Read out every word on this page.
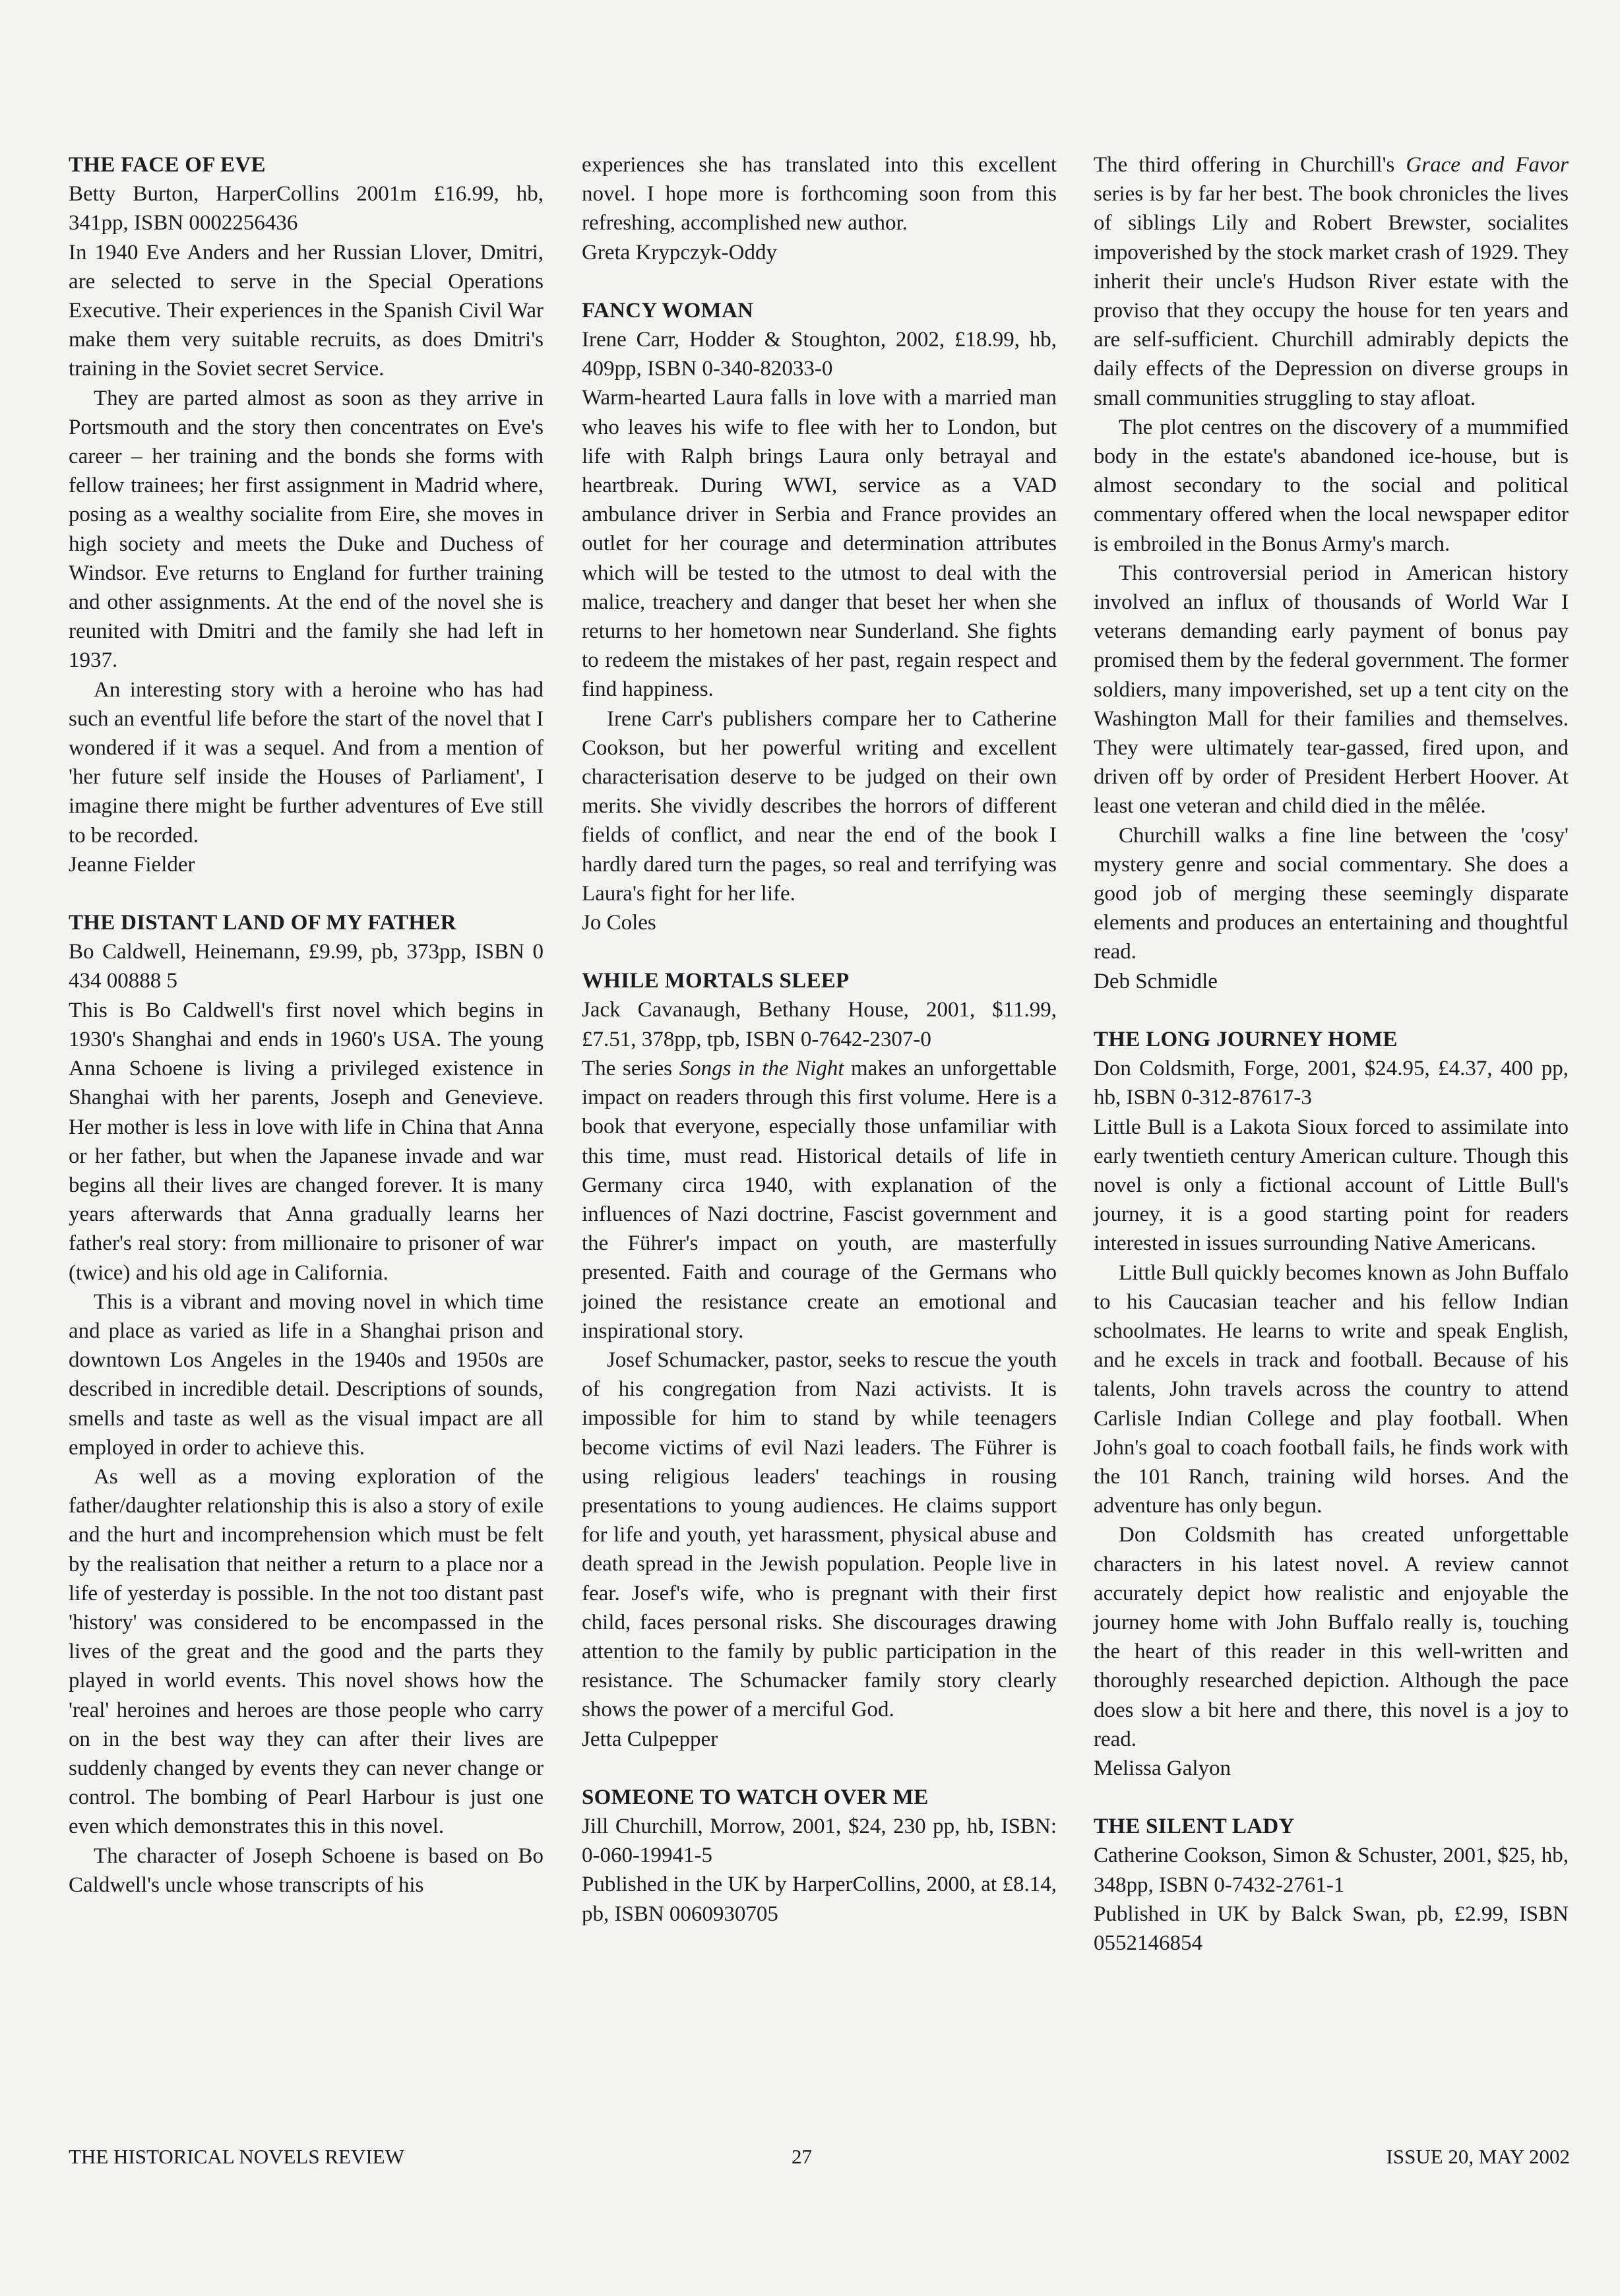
THE FACE OF EVE
Betty Burton, HarperCollins 2001m £16.99, hb, 341pp, ISBN 0002256436

In 1940 Eve Anders and her Russian Llover, Dmitri, are selected to serve in the Special Operations Executive. Their experiences in the Spanish Civil War make them very suitable recruits, as does Dmitri's training in the Soviet secret Service.

They are parted almost as soon as they arrive in Portsmouth and the story then concentrates on Eve's career – her training and the bonds she forms with fellow trainees; her first assignment in Madrid where, posing as a wealthy socialite from Eire, she moves in high society and meets the Duke and Duchess of Windsor. Eve returns to England for further training and other assignments. At the end of the novel she is reunited with Dmitri and the family she had left in 1937.

An interesting story with a heroine who has had such an eventful life before the start of the novel that I wondered if it was a sequel. And from a mention of 'her future self inside the Houses of Parliament', I imagine there might be further adventures of Eve still to be recorded.

Jeanne Fielder
THE DISTANT LAND OF MY FATHER
Bo Caldwell, Heinemann, £9.99, pb, 373pp, ISBN 0 434 00888 5

This is Bo Caldwell's first novel which begins in 1930's Shanghai and ends in 1960's USA. The young Anna Schoene is living a privileged existence in Shanghai with her parents, Joseph and Genevieve. Her mother is less in love with life in China that Anna or her father, but when the Japanese invade and war begins all their lives are changed forever. It is many years afterwards that Anna gradually learns her father's real story: from millionaire to prisoner of war (twice) and his old age in California.

This is a vibrant and moving novel in which time and place as varied as life in a Shanghai prison and downtown Los Angeles in the 1940s and 1950s are described in incredible detail. Descriptions of sounds, smells and taste as well as the visual impact are all employed in order to achieve this.

As well as a moving exploration of the father/daughter relationship this is also a story of exile and the hurt and incomprehension which must be felt by the realisation that neither a return to a place nor a life of yesterday is possible. In the not too distant past 'history' was considered to be encompassed in the lives of the great and the good and the parts they played in world events. This novel shows how the 'real' heroines and heroes are those people who carry on in the best way they can after their lives are suddenly changed by events they can never change or control. The bombing of Pearl Harbour is just one even which demonstrates this in this novel.

The character of Joseph Schoene is based on Bo Caldwell's uncle whose transcripts of his

experiences she has translated into this excellent novel. I hope more is forthcoming soon from this refreshing, accomplished new author.

Greta Krypczyk-Oddy
FANCY WOMAN
Irene Carr, Hodder & Stoughton, 2002, £18.99, hb, 409pp, ISBN 0-340-82033-0

Warm-hearted Laura falls in love with a married man who leaves his wife to flee with her to London, but life with Ralph brings Laura only betrayal and heartbreak. During WWI, service as a VAD ambulance driver in Serbia and France provides an outlet for her courage and determination attributes which will be tested to the utmost to deal with the malice, treachery and danger that beset her when she returns to her hometown near Sunderland. She fights to redeem the mistakes of her past, regain respect and find happiness.

Irene Carr's publishers compare her to Catherine Cookson, but her powerful writing and excellent characterisation deserve to be judged on their own merits. She vividly describes the horrors of different fields of conflict, and near the end of the book I hardly dared turn the pages, so real and terrifying was Laura's fight for her life.

Jo Coles
WHILE MORTALS SLEEP
Jack Cavanaugh, Bethany House, 2001, $11.99, £7.51, 378pp, tpb, ISBN 0-7642-2307-0

The series Songs in the Night makes an unforgettable impact on readers through this first volume. Here is a book that everyone, especially those unfamiliar with this time, must read. Historical details of life in Germany circa 1940, with explanation of the influences of Nazi doctrine, Fascist government and the Führer's impact on youth, are masterfully presented. Faith and courage of the Germans who joined the resistance create an emotional and inspirational story.

Josef Schumacker, pastor, seeks to rescue the youth of his congregation from Nazi activists. It is impossible for him to stand by while teenagers become victims of evil Nazi leaders. The Führer is using religious leaders' teachings in rousing presentations to young audiences. He claims support for life and youth, yet harassment, physical abuse and death spread in the Jewish population. People live in fear. Josef's wife, who is pregnant with their first child, faces personal risks. She discourages drawing attention to the family by public participation in the resistance. The Schumacker family story clearly shows the power of a merciful God.

Jetta Culpepper
SOMEONE TO WATCH OVER ME
Jill Churchill, Morrow, 2001, $24, 230 pp, hb, ISBN: 0-060-19941-5
Published in the UK by HarperCollins, 2000, at £8.14, pb, ISBN 0060930705

The third offering in Churchill's Grace and Favor series is by far her best. The book chronicles the lives of siblings Lily and Robert Brewster, socialites impoverished by the stock market crash of 1929. They inherit their uncle's Hudson River estate with the proviso that they occupy the house for ten years and are self-sufficient. Churchill admirably depicts the daily effects of the Depression on diverse groups in small communities struggling to stay afloat.

The plot centres on the discovery of a mummified body in the estate's abandoned ice-house, but is almost secondary to the social and political commentary offered when the local newspaper editor is embroiled in the Bonus Army's march.

This controversial period in American history involved an influx of thousands of World War I veterans demanding early payment of bonus pay promised them by the federal government. The former soldiers, many impoverished, set up a tent city on the Washington Mall for their families and themselves. They were ultimately tear-gassed, fired upon, and driven off by order of President Herbert Hoover. At least one veteran and child died in the mêlée.

Churchill walks a fine line between the 'cosy' mystery genre and social commentary. She does a good job of merging these seemingly disparate elements and produces an entertaining and thoughtful read.

Deb Schmidle
THE LONG JOURNEY HOME
Don Coldsmith, Forge, 2001, $24.95, £4.37, 400 pp, hb, ISBN 0-312-87617-3

Little Bull is a Lakota Sioux forced to assimilate into early twentieth century American culture. Though this novel is only a fictional account of Little Bull's journey, it is a good starting point for readers interested in issues surrounding Native Americans.

Little Bull quickly becomes known as John Buffalo to his Caucasian teacher and his fellow Indian schoolmates. He learns to write and speak English, and he excels in track and football. Because of his talents, John travels across the country to attend Carlisle Indian College and play football. When John's goal to coach football fails, he finds work with the 101 Ranch, training wild horses. And the adventure has only begun.

Don Coldsmith has created unforgettable characters in his latest novel. A review cannot accurately depict how realistic and enjoyable the journey home with John Buffalo really is, touching the heart of this reader in this well-written and thoroughly researched depiction. Although the pace does slow a bit here and there, this novel is a joy to read.

Melissa Galyon
THE SILENT LADY
Catherine Cookson, Simon & Schuster, 2001, $25, hb, 348pp, ISBN 0-7432-2761-1
Published in UK by Balck Swan, pb, £2.99, ISBN 0552146854
THE HISTORICAL NOVELS REVIEW	27	ISSUE 20, MAY 2002
